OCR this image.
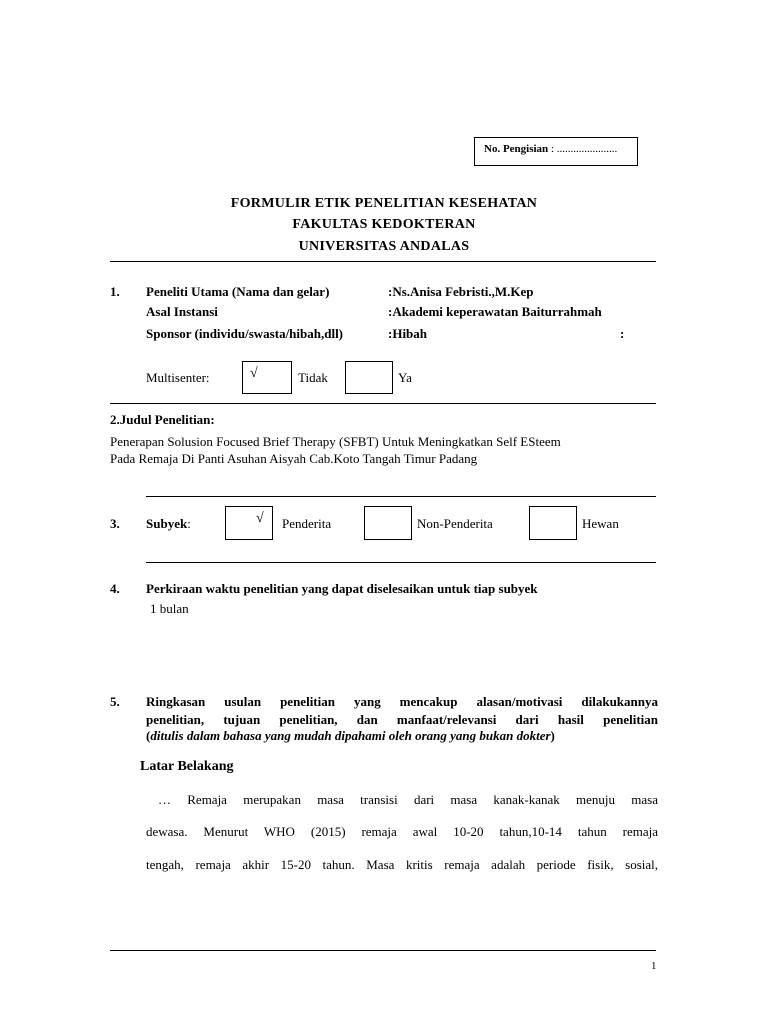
No. Pengisian : ......................
FORMULIR ETIK PENELITIAN KESEHATAN
FAKULTAS KEDOKTERAN
UNIVERSITAS ANDALAS
1. Peneliti Utama (Nama dan gelar)	:Ns.Anisa Febristi.,M.Kep
Asal Instansi	:Akademi keperawatan Baiturrahmah
Sponsor (individu/swasta/hibah,dll)	:Hibah	:
Multisenter:	√	Tidak	Ya
2.Judul Penelitian:
Penerapan Solusion Focused Brief Therapy (SFBT) Untuk Meningkatkan Self ESteem
Pada Remaja Di Panti Asuhan Aisyah Cab.Koto Tangah Timur Padang
3. Subyek:	√ Penderita	Non-Penderita	Hewan
4. Perkiraan waktu penelitian yang dapat diselesaikan untuk tiap subyek
1 bulan
5. Ringkasan usulan penelitian yang mencakup alasan/motivasi dilakukannya
penelitian, tujuan penelitian, dan manfaat/relevansi dari hasil penelitian
(ditulis dalam bahasa yang mudah dipahami oleh orang yang bukan dokter)
Latar Belakang
… Remaja merupakan masa transisi dari masa kanak-kanak menuju masa
dewasa. Menurut WHO (2015) remaja awal 10-20 tahun,10-14 tahun remaja
tengah, remaja akhir 15-20 tahun. Masa kritis remaja adalah periode fisik, sosial,
1
